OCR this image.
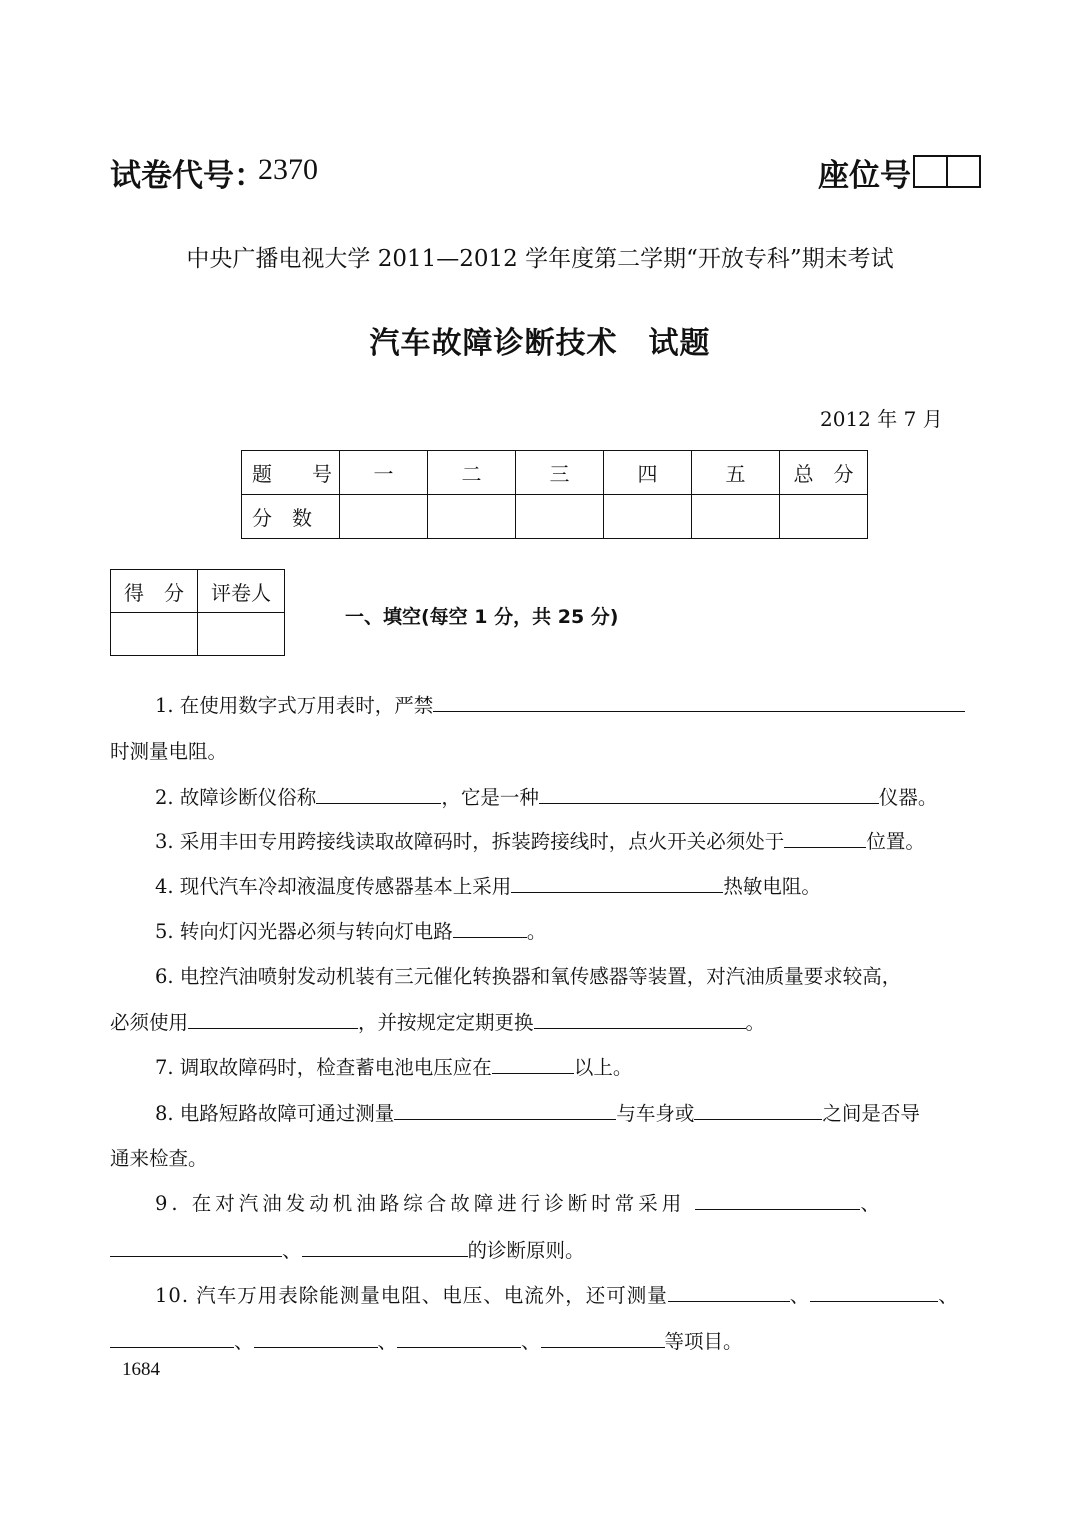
试卷代号：
2370	座位号
中央广播电视大学 2011—2012 学年度第二学期“开放专科”期末考试
汽车故障诊断技术　试题
2012 年 7 月
题　　号	一	二	三	四	五	总　分
分　数						
得　分	评卷人

一、填空(每空 1 分，共 25 分)
1. 在使用数字式万用表时，严禁
时测量电阻。
2. 故障诊断仪俗称	，它是一种	仪器。
3. 采用丰田专用跨接线读取故障码时，拆装跨接线时，点火开关必须处于	位置。
4. 现代汽车冷却液温度传感器基本上采用	热敏电阻。
5. 转向灯闪光器必须与转向灯电路	。
6. 电控汽油喷射发动机装有三元催化转换器和氧传感器等装置，对汽油质量要求较高，
必须使用	，并按规定定期更换	。
7. 调取故障码时，检查蓄电池电压应在	以上。
8. 电路短路故障可通过测量	与车身或	之间是否导
通来检查。
9. 在对汽油发动机油路综合故障进行诊断时常采用	、
、	的诊断原则。
10. 汽车万用表除能测量电阻、电压、电流外，还可测量	、	、
、	、	、	等项目。
1684
